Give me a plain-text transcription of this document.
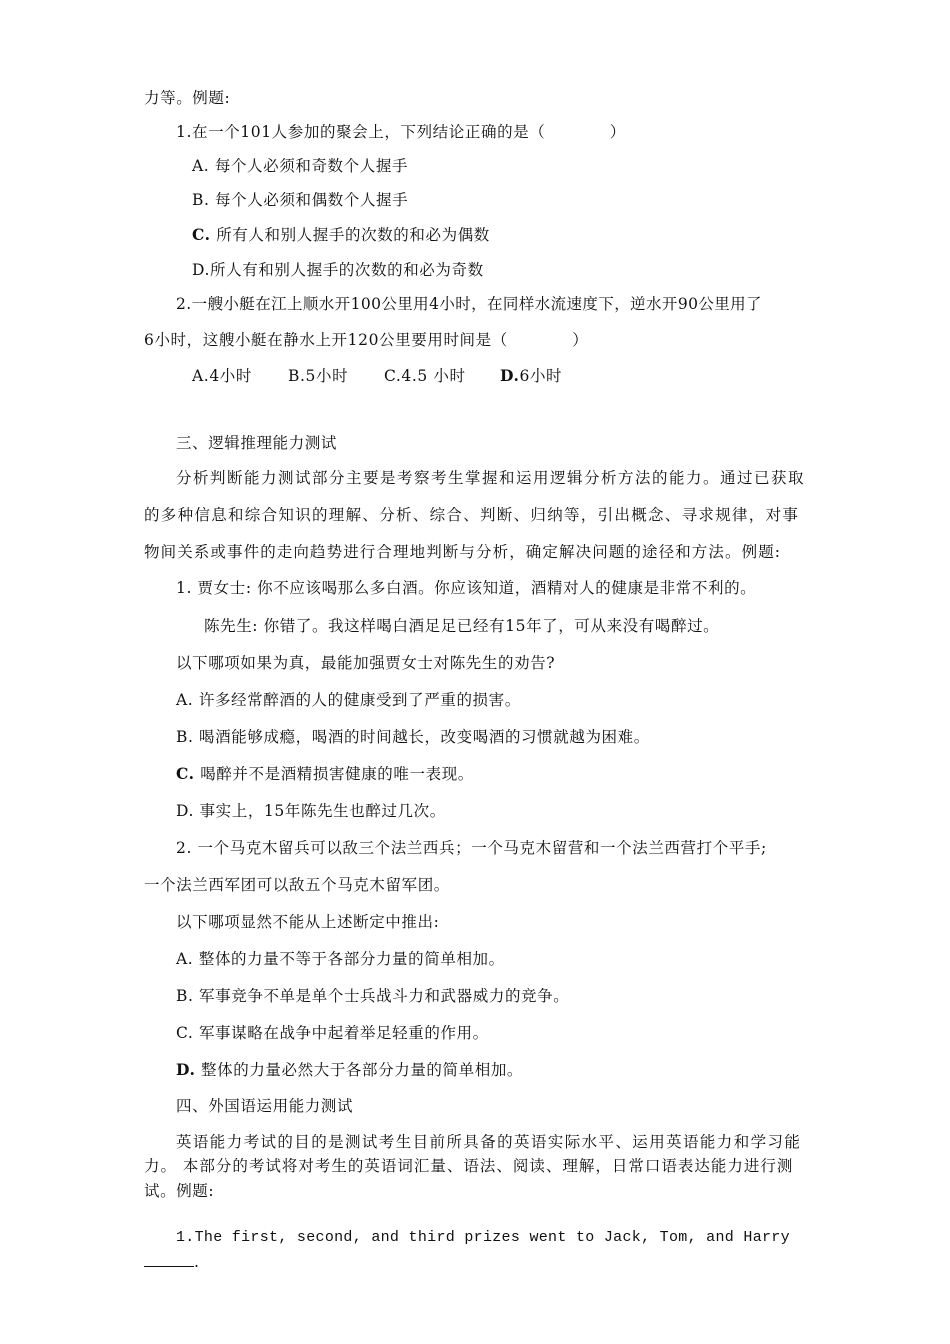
力等。例题:
1.在一个101人参加的聚会上，下列结论正确的是（　　　　）
A. 每个人必须和奇数个人握手
B. 每个人必须和偶数个人握手
C. 所有人和别人握手的次数的和必为偶数
D.所人有和别人握手的次数的和必为奇数
2.一艘小艇在江上顺水开100公里用4小时，在同样水流速度下，逆水开90公里用了
6小时，这艘小艇在静水上开120公里要用时间是（　　　　）
A.4小时 B.5小时 C.4.5 小时 D.6小时
三、逻辑推理能力测试
分析判断能力测试部分主要是考察考生掌握和运用逻辑分析方法的能力。通过已获取
的多种信息和综合知识的理解、分析、综合、判断、归纳等，引出概念、寻求规律，对事
物间关系或事件的走向趋势进行合理地判断与分析，确定解决问题的途径和方法。例题:
1. 贾女士: 你不应该喝那么多白酒。你应该知道，酒精对人的健康是非常不利的。
陈先生: 你错了。我这样喝白酒足足已经有15年了，可从来没有喝醉过。
以下哪项如果为真，最能加强贾女士对陈先生的劝告?
A. 许多经常醉酒的人的健康受到了严重的损害。
B. 喝酒能够成瘾，喝酒的时间越长，改变喝酒的习惯就越为困难。
C. 喝醉并不是酒精损害健康的唯一表现。
D. 事实上，15年陈先生也醉过几次。
2. 一个马克木留兵可以敌三个法兰西兵；一个马克木留营和一个法兰西营打个平手;
一个法兰西军团可以敌五个马克木留军团。
以下哪项显然不能从上述断定中推出:
A. 整体的力量不等于各部分力量的简单相加。
B. 军事竞争不单是单个士兵战斗力和武器威力的竞争。
C. 军事谋略在战争中起着举足轻重的作用。
D. 整体的力量必然大于各部分力量的简单相加。
四、外国语运用能力测试
英语能力考试的目的是测试考生目前所具备的英语实际水平、运用英语能力和学习能
力。 本部分的考试将对考生的英语词汇量、语法、阅读、理解，日常口语表达能力进行测
试。例题:
1.The first, second, and third prizes went to Jack, Tom, and Harry
.
